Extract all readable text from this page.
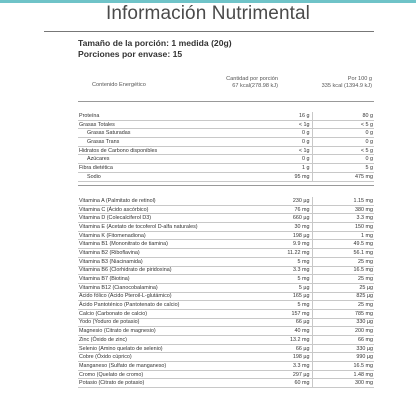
Información Nutrimental
Tamaño de la porción: 1 medida (20g)
Porciones por envase: 15
Contenido Energético
Cantidad por porción
67 kcal(278.98 kJ)
Por 100 g
335 kcal (1394.9 kJ)
Proteína	16 g	80 g
Grasas Totales	< 1g	< 5 g
Grasas Saturadas	0 g	0 g
Grasas Trans	0 g	0 g
Hidratos de Carbono disponibles	< 1g	< 5 g
Azúcares	0 g	0 g
Fibra dietética	1 g	5 g
Sodio	95 mg	475 mg
Vitamina A (Palmitato de retinol)	230 µg	1.15 mg
Vitamina C (Ácido ascórbico)	76 mg	380 mg
Vitamina D (Colecalciferol D3)	660 µg	3.3 mg
Vitamina E (Acetato de tocoferol D-alfa naturales)	30 mg	150 mg
Vitamina K (Fitomenadiona)	198 µg	1 mg
Vitamina B1 (Mononitrato de tiamina)	9.9 mg	49.5 mg
Vitamina B2 (Riboflavina)	11.22 mg	56.1 mg
Vitamina B3 (Niacinamida)	5 mg	25 mg
Vitamina B6 (Clorhidrato de piridoxina)	3.3 mg	16.5 mg
Vitamina B7 (Biotina)	5 mg	25 mg
Vitamina B12 (Cianocobalamina)	5 µg	25 µg
Ácido fólico (Ácido Pteroil-L-glutámico)	165 µg	825 µg
Ácido Pantoténico (Pantotenato de calcio)	5 mg	25 mg
Calcio (Carbonato de calcio)	157 mg	785 mg
Yodo (Yoduro de potasio)	66 µg	330 µg
Magnesio (Citrato de magnesio)	40 mg	200 mg
Zinc (Óxido de zinc)	13.2 mg	66 mg
Selenio (Amino quelato de selenio)	66 µg	330 µg
Cobre (Óxido cúprico)	198 µg	990 µg
Manganeso (Sulfato de manganeso)	3.3 mg	16.5 mg
Cromo (Quelato de cromo)	297 µg	1.48 mg
Potasio (Citrato de potasio)	60 mg	300 mg
